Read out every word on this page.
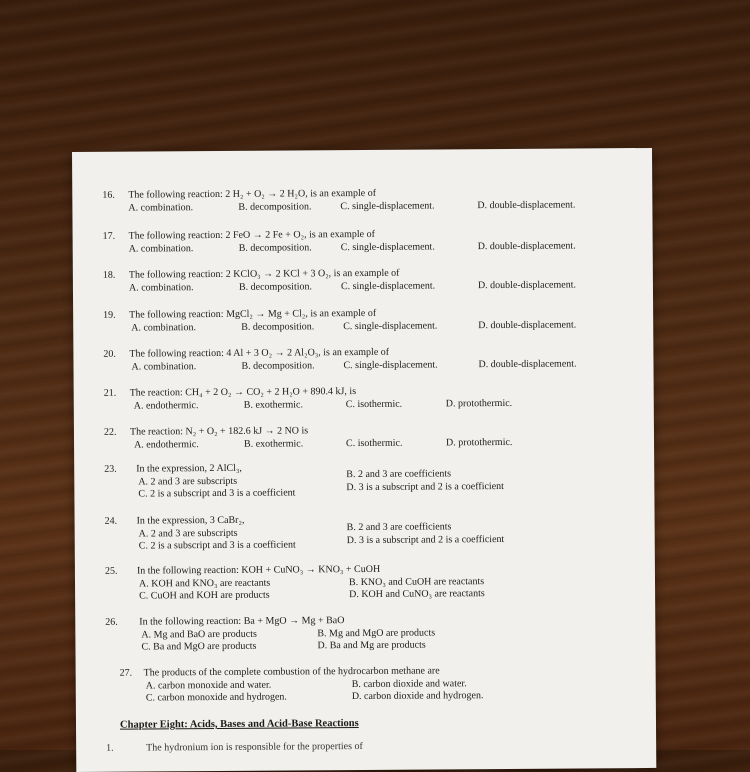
16. The following reaction: 2 H₂ + O₂ → 2 H₂O, is an example of
A. combination.	B. decomposition.	C. single-displacement.	D. double-displacement.
17. The following reaction: 2 FeO → 2 Fe + O₂, is an example of
A. combination.	B. decomposition.	C. single-displacement.	D. double-displacement.
18. The following reaction: 2 KClO₃ → 2 KCl + 3 O₂, is an example of
A. combination.	B. decomposition.	C. single-displacement.	D. double-displacement.
19. The following reaction: MgCl₂ → Mg + Cl₂, is an example of
A. combination.	B. decomposition.	C. single-displacement.	D. double-displacement.
20. The following reaction: 4 Al + 3 O₂ → 2 Al₂O₃, is an example of
A. combination.	B. decomposition.	C. single-displacement.	D. double-displacement.
21. The reaction: CH₄ + 2 O₂ → CO₂ + 2 H₂O + 890.4 kJ, is
A. endothermic.	B. exothermic.	C. isothermic.	D. protothermic.
22. The reaction: N₂ + O₂ + 182.6 kJ → 2 NO is
A. endothermic.	B. exothermic.	C. isothermic.	D. protothermic.
23. In the expression, 2 AlCl₃,
A. 2 and 3 are subscripts
B. 2 and 3 are coefficients
C. 2 is a subscript and 3 is a coefficient
D. 3 is a subscript and 2 is a coefficient
24. In the expression, 3 CaBr₂,
A. 2 and 3 are subscripts
B. 2 and 3 are coefficients
C. 2 is a subscript and 3 is a coefficient	D. 3 is a subscript and 2 is a coefficient
25. In the following reaction: KOH + CuNO₃ → KNO₃ + CuOH
A. KOH and KNO₃ are reactants	B. KNO₃ and CuOH are reactants
C. CuOH and KOH are products	D. KOH and CuNO₃ are reactants
26. In the following reaction: Ba + MgO → Mg + BaO
A. Mg and BaO are products	B. Mg and MgO are products
C. Ba and MgO are products	D. Ba and Mg are products
27. The products of the complete combustion of the hydrocarbon methane are
A. carbon monoxide and water.	B. carbon dioxide and water.
C. carbon monoxide and hydrogen.	D. carbon dioxide and hydrogen.
Chapter Eight: Acids, Bases and Acid-Base Reactions
1.	The hydronium ion is responsible for the properties of
